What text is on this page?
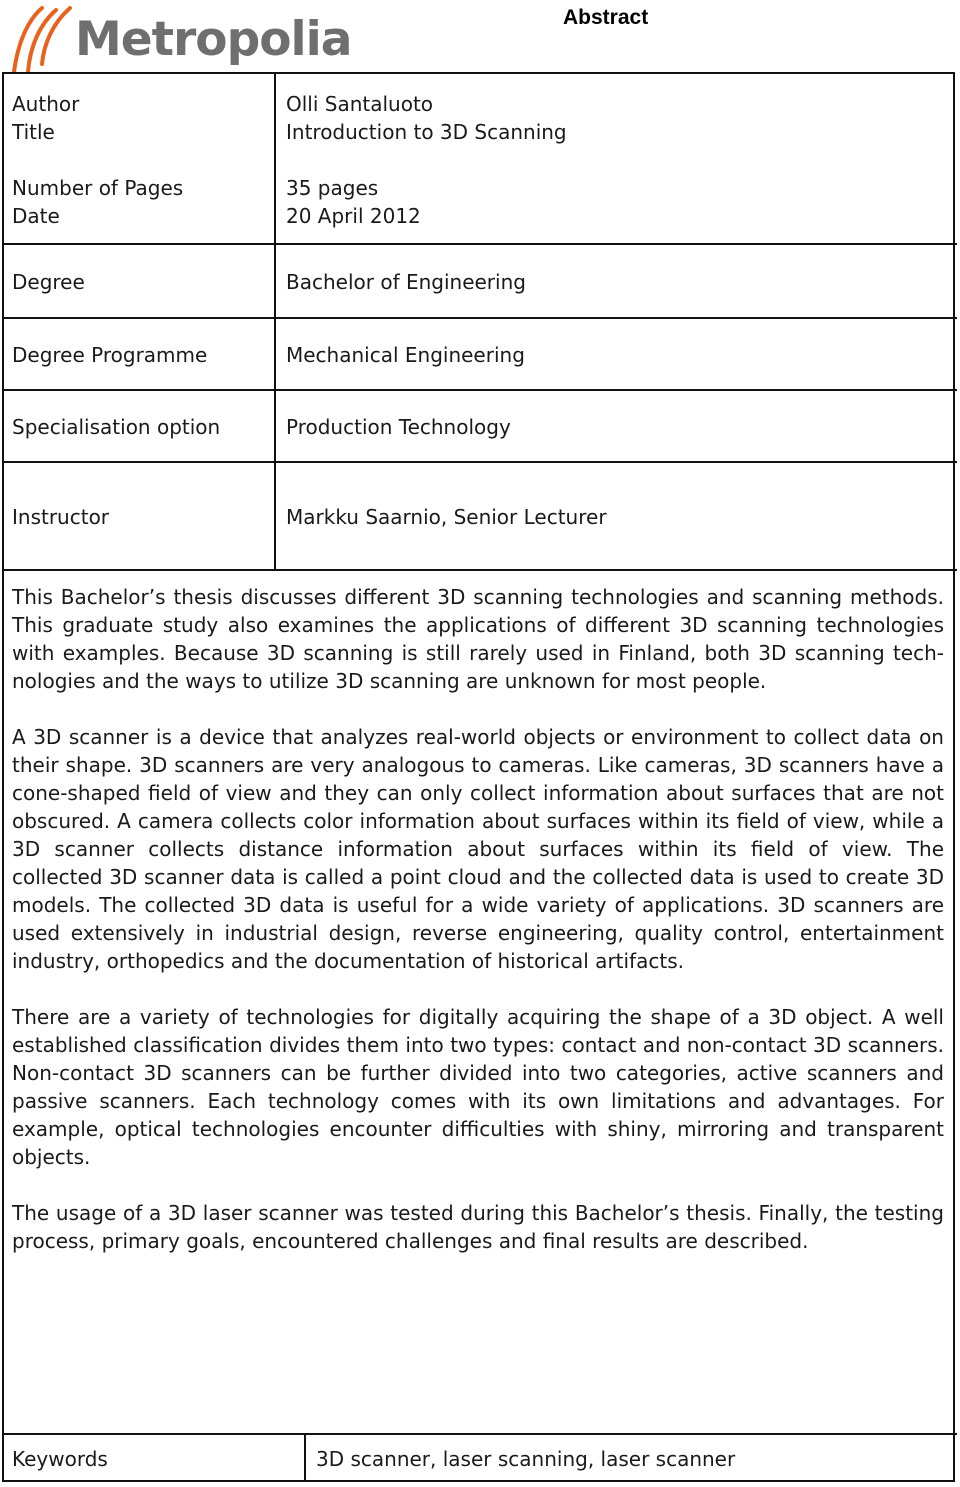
Metropolia	Abstract
Author	Olli Santaluoto
Title	Introduction to 3D Scanning
Number of Pages	35 pages
Date	20 April 2012
Degree	Bachelor of Engineering
Degree Programme	Mechanical Engineering
Specialisation option	Production Technology
Instructor	Markku Saarnio, Senior Lecturer
This Bachelor’s thesis discusses different 3D scanning technologies and scanning methods. This graduate study also examines the applications of different 3D scanning technologies with examples. Because 3D scanning is still rarely used in Finland, both 3D scanning technologies and the ways to utilize 3D scanning are unknown for most people.
A 3D scanner is a device that analyzes real-world objects or environment to collect data on their shape. 3D scanners are very analogous to cameras. Like cameras, 3D scanners have a cone-shaped field of view and they can only collect information about surfaces that are not obscured. A camera collects color information about surfaces within its field of view, while a 3D scanner collects distance information about surfaces within its field of view. The collected 3D scanner data is called a point cloud and the collected data is used to create 3D models. The collected 3D data is useful for a wide variety of applications. 3D scanners are used extensively in industrial design, reverse engineering, quality control, entertainment industry, orthopedics and the documentation of historical artifacts.
There are a variety of technologies for digitally acquiring the shape of a 3D object. A well established classification divides them into two types: contact and non-contact 3D scanners. Non-contact 3D scanners can be further divided into two categories, active scanners and passive scanners. Each technology comes with its own limitations and advantages. For example, optical technologies encounter difficulties with shiny, mirroring and transparent objects.
The usage of a 3D laser scanner was tested during this Bachelor’s thesis. Finally, the testing process, primary goals, encountered challenges and final results are described.
Keywords	3D scanner, laser scanning, laser scanner
